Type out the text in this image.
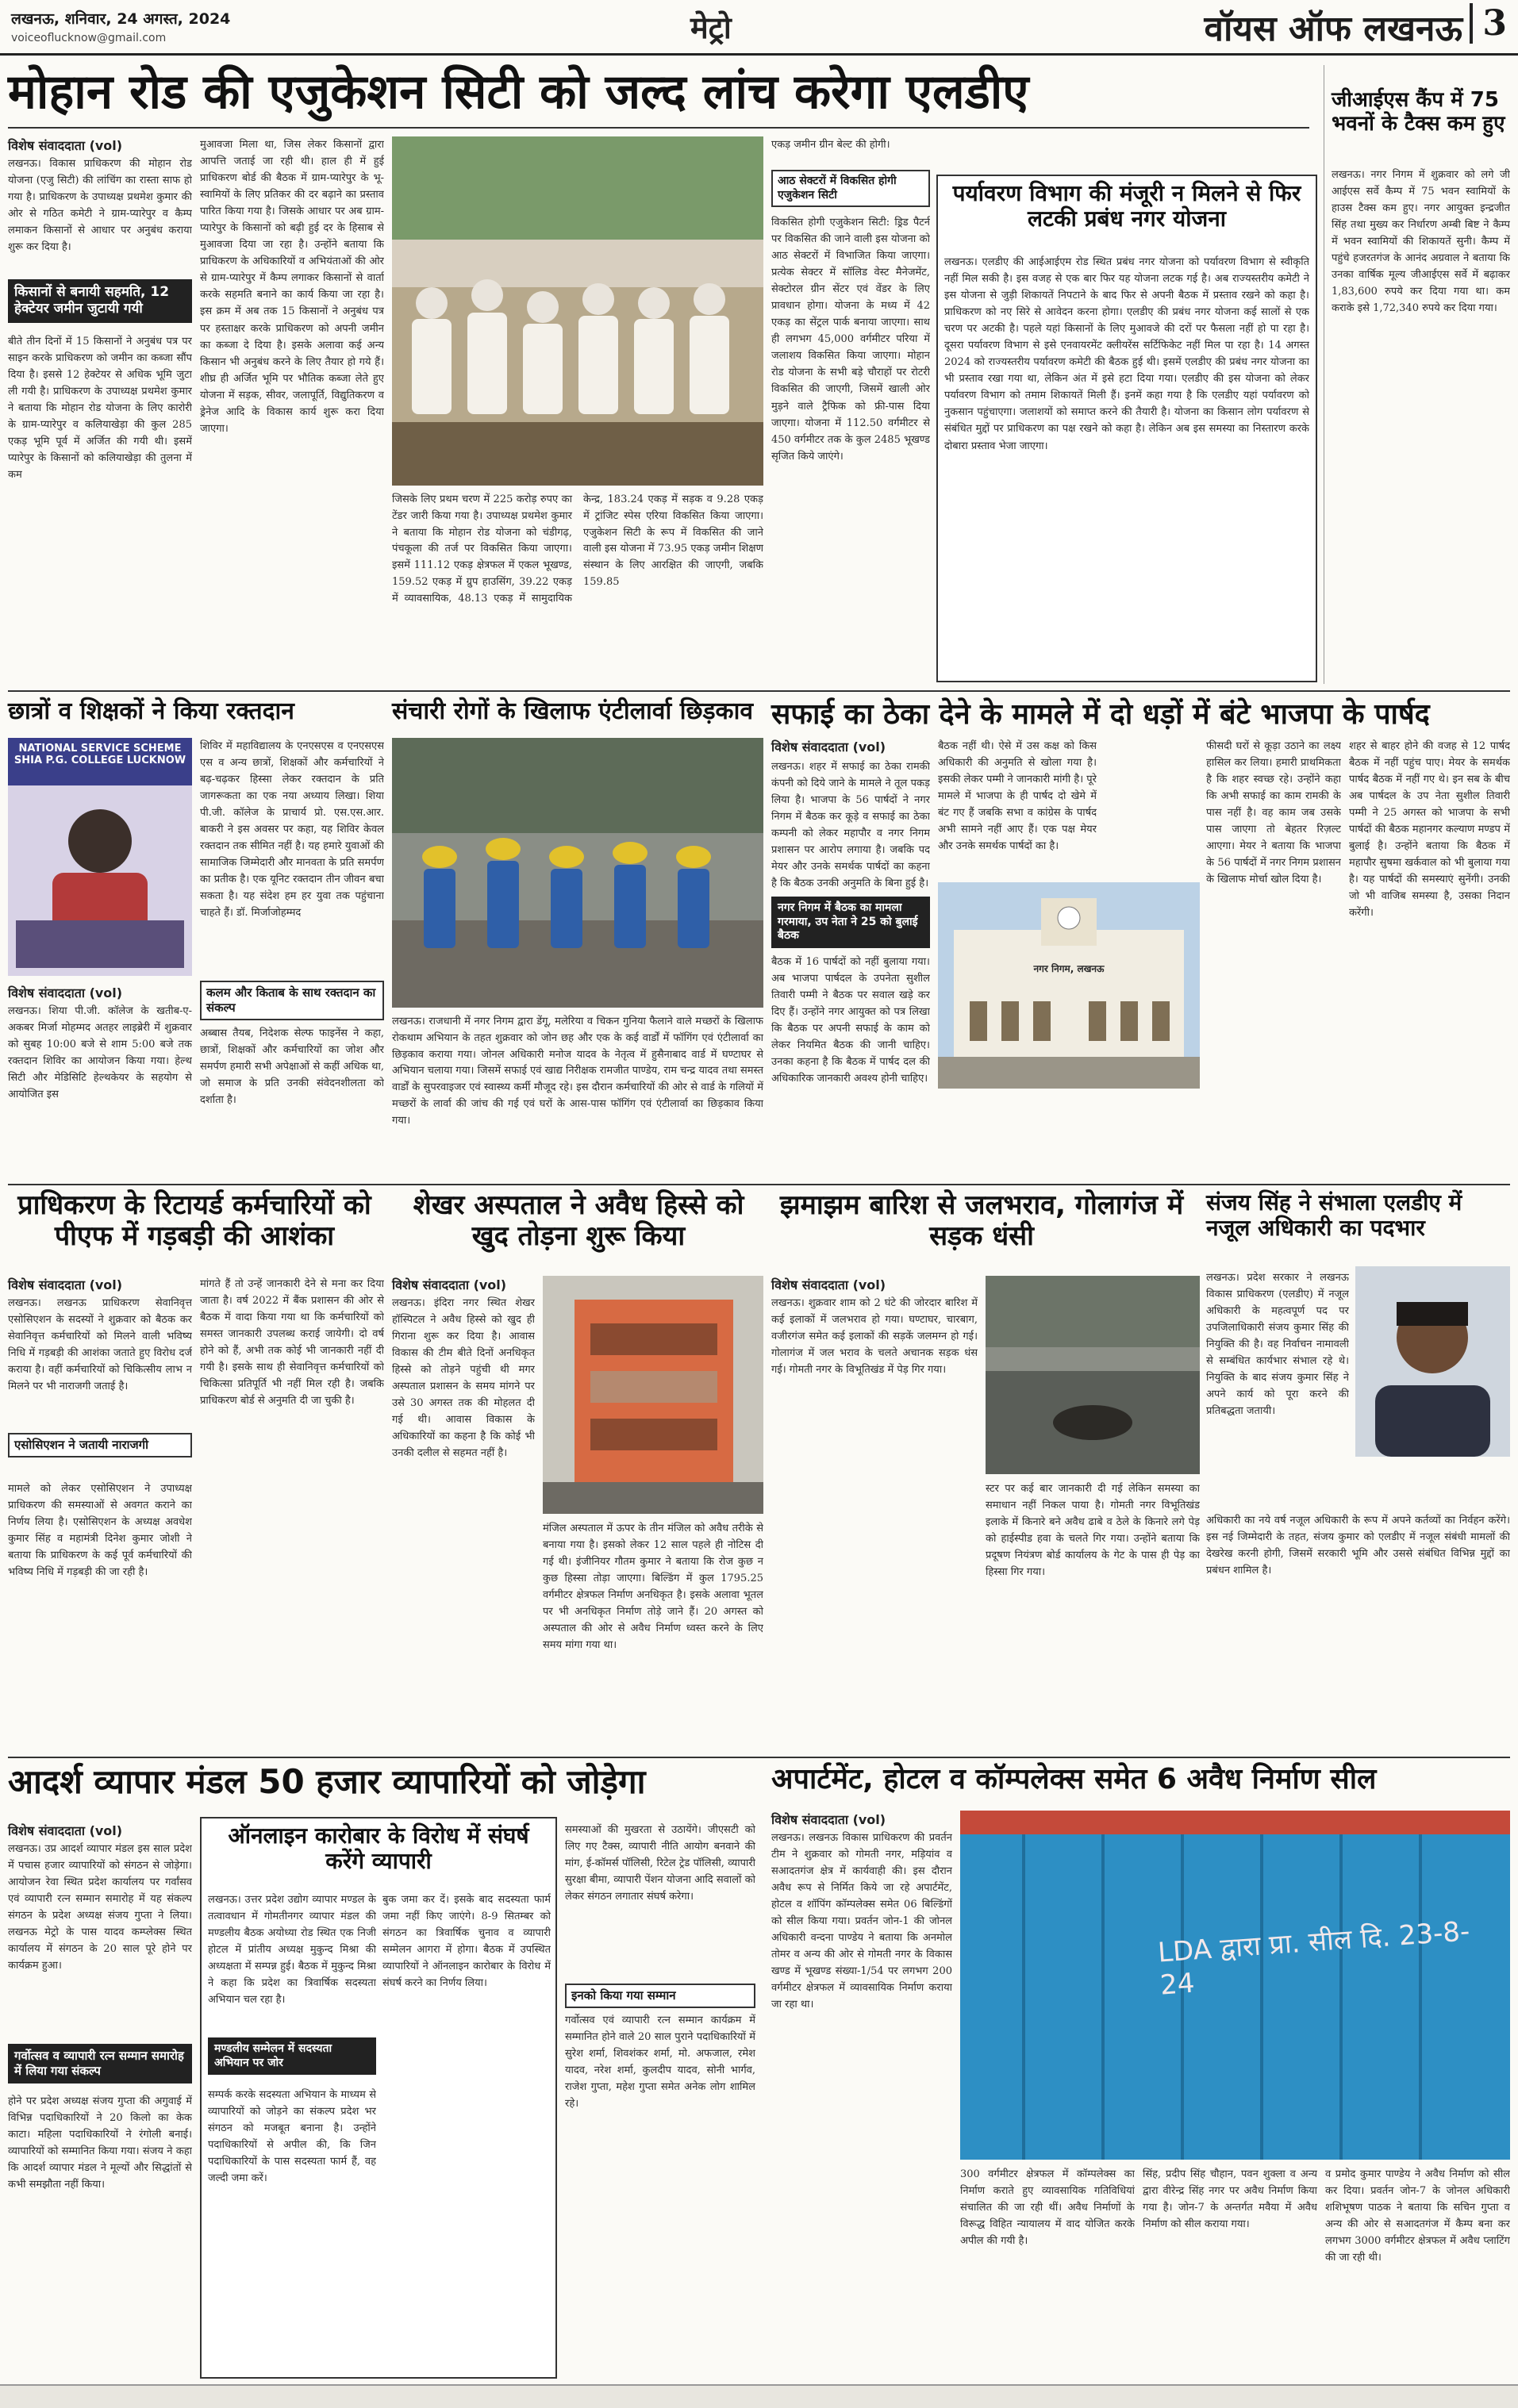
लखनऊ, शनिवार, 24 अगस्त, 2024
voiceoflucknow@gmail.com	मेट्रो	वॉयस ऑफ लखनऊ 3
मोहान रोड की एजुकेशन सिटी को जल्द लांच करेगा एलडीए
विशेष संवाददाता (vol)
लखनऊ। विकास प्राधिकरण की मोहान रोड योजना (एजु सिटी) की लांचिंग का रास्ता साफ हो गया है। प्राधिकरण के उपाध्यक्ष प्रथमेश कुमार की ओर से गठित कमेटी ने ग्राम-प्यारेपुर व कैम्प लमाकन किसानों से आधार पर अनुबंध कराया शुरू कर दिया है।
किसानों से बनायी सहमति, 12 हेक्टेयर जमीन जुटायी गयी
बीते तीन दिनों में 15 किसानों ने अनुबंध पत्र पर साइन करके प्राधिकरण को जमीन का कब्जा सौंप दिया है। इससे 12 हेक्टेयर से अधिक भूमि जुटा ली गयी है। प्राधिकरण के उपाध्यक्ष प्रथमेश कुमार ने बताया कि मोहान रोड योजना के लिए कारोरी के ग्राम-प्यारेपुर व कलियाखेड़ा की कुल 285 एकड़ भूमि पूर्व में अर्जित की गयी थी। इसमें प्यारेपुर के किसानों को कलियाखेड़ा की तुलना में कम
मुआवजा मिला था, जिस लेकर किसानों द्वारा आपत्ति जताई जा रही थी। हाल ही में हुई प्राधिकरण बोर्ड की बैठक में ग्राम-प्यारेपुर के भू-स्वामियों के लिए प्रतिकर की दर बढ़ाने का प्रस्ताव पारित किया गया है। जिसके आधार पर अब ग्राम-प्यारेपुर के किसानों को बढ़ी हुई दर के हिसाब से मुआवजा दिया जा रहा है। उन्होंने बताया कि प्राधिकरण के अधिकारियों व अभियंताओं की ओर से ग्राम-प्यारेपुर में कैम्प लगाकर किसानों से वार्ता करके सहमति बनाने का कार्य किया जा रहा है। इस क्रम में अब तक 15 किसानों ने अनुबंध पत्र पर हस्ताक्षर करके प्राधिकरण को अपनी जमीन का कब्जा दे दिया है। इसके अलावा कई अन्य किसान भी अनुबंध करने के लिए तैयार हो गये हैं। शीघ्र ही अर्जित भूमि पर भौतिक कब्जा लेते हुए योजना में सड़क, सीवर, जलापूर्ति, विद्युतिकरण व ड्रेनेज आदि के विकास कार्य शुरू करा दिया जाएगा।
जिसके लिए प्रथम चरण में 225 करोड़ रुपए का टेंडर जारी किया गया है। उपाध्यक्ष प्रथमेश कुमार ने बताया कि मोहान रोड योजना को चंडीगढ़, पंचकूला की तर्ज पर विकसित किया जाएगा। इसमें 111.12 एकड़ क्षेत्रफल में एकल भूखण्ड, 159.52 एकड़ में ग्रुप हाउसिंग, 39.22 एकड़ में व्यावसायिक, 48.13 एकड़ में सामुदायिक केन्द्र, 183.24 एकड़ में सड़क व 9.28 एकड़ में ट्रांजिट स्पेस एरिया विकसित किया जाएगा। एजुकेशन सिटी के रूप में विकसित की जाने वाली इस योजना में 73.95 एकड़ जमीन शिक्षण संस्थान के लिए आरक्षित की जाएगी, जबकि 159.85
एकड़ जमीन ग्रीन बेल्ट की होगी।
आठ सेक्टरों में विकसित होगी एजुकेशन सिटी
विकसित होगी एजुकेशन सिटी: ड्रिड पैटर्न पर विकसित की जाने वाली इस योजना को आठ सेक्टरों में विभाजित किया जाएगा। प्रत्येक सेक्टर में सॉलिड वेस्ट मैनेजमेंट, सेक्टोरल ग्रीन सेंटर एवं वेंडर के लिए प्रावधान होगा। योजना के मध्य में 42 एकड़ का सेंट्रल पार्क बनाया जाएगा। साथ ही लगभग 45,000 वर्गमीटर परिया में जलाशय विकसित किया जाएगा। मोहान रोड योजना के सभी बड़े चौराहों पर रोटरी विकसित की जाएगी, जिसमें खाली ओर मुड़ने वाले ट्रैफिक को फ्री-पास दिया जाएगा। योजना में 112.50 वर्गमीटर से 450 वर्गमीटर तक के कुल 2485 भूखण्ड सृजित किये जाएंगे।
पर्यावरण विभाग की मंजूरी न मिलने से फिर लटकी प्रबंध नगर योजना
लखनऊ। एलडीए की आईआईएम रोड स्थित प्रबंध नगर योजना को पर्यावरण विभाग से स्वीकृति नहीं मिल सकी है। इस वजह से एक बार फिर यह योजना लटक गई है। अब राज्यस्तरीय कमेटी ने इस योजना से जुड़ी शिकायतें निपटाने के बाद फिर से अपनी बैठक में प्रस्ताव रखने को कहा है। प्राधिकरण को नए सिरे से आवेदन करना होगा। एलडीए की प्रबंध नगर योजना कई सालों से एक चरण पर अटकी है। पहले यहां किसानों के लिए मुआवजे की दरों पर फैसला नहीं हो पा रहा है। दूसरा पर्यावरण विभाग से इसे एनवायरमेंट क्लीयरेंस सर्टिफिकेट नहीं मिल पा रहा है। 14 अगस्त 2024 को राज्यस्तरीय पर्यावरण कमेटी की बैठक हुई थी। इसमें एलडीए की प्रबंध नगर योजना का भी प्रस्ताव रखा गया था, लेकिन अंत में इसे हटा दिया गया। एलडीए की इस योजना को लेकर पर्यावरण विभाग को तमाम शिकायतें मिली हैं। इनमें कहा गया है कि एलडीए यहां पर्यावरण को नुकसान पहुंचाएगा। जलाशयों को समाप्त करने की तैयारी है। योजना का किसान लोग पर्यावरण से संबंधित मुद्दों पर प्राधिकरण का पक्ष रखने को कहा है। लेकिन अब इस समस्या का निस्तारण करके दोबारा प्रस्ताव भेजा जाएगा।
जीआईएस कैंप में 75 भवनों के टैक्स कम हुए
लखनऊ। नगर निगम में शुक्रवार को लगे जी आईएस सर्वे कैम्प में 75 भवन स्वामियों के हाउस टैक्स कम हुए। नगर आयुक्त इन्द्रजीत सिंह तथा मुख्य कर निर्धारण अम्बी बिष्ट ने कैम्प में भवन स्वामियों की शिकायतें सुनी। कैम्प में पहुंचे हजरतगंज के आनंद अग्रवाल ने बताया कि उनका वार्षिक मूल्य जीआईएस सर्वे में बढ़ाकर 1,83,600 रुपये कर दिया गया था। कम कराके इसे 1,72,340 रुपये कर दिया गया।
छात्रों व शिक्षकों ने किया रक्तदान
NATIONAL SERVICE SCHEME SHIA P.G. COLLEGE LUCKNOW
विशेष संवाददाता (vol)
लखनऊ। शिया पी.जी. कॉलेज के खतीब-ए-अकबर मिर्जा मोहम्मद अतहर लाइब्रेरी में शुक्रवार को सुबह 10:00 बजे से शाम 5:00 बजे तक रक्तदान शिविर का आयोजन किया गया। हेल्थ सिटी और मेडिसिटि हेल्थकेयर के सहयोग से आयोजित इस
शिविर में महाविद्यालय के एनएसएस व एनएसएस एस व अन्य छात्रों, शिक्षकों और कर्मचारियों ने बढ़-चढ़कर हिस्सा लेकर रक्तदान के प्रति जागरूकता का एक नया अध्याय लिखा। शिया पी.जी. कॉलेज के प्राचार्य प्रो. एस.एस.आर. बाकरी ने इस अवसर पर कहा, यह शिविर केवल रक्तदान तक सीमित नहीं है। यह हमारे युवाओं की सामाजिक जिम्मेदारी और मानवता के प्रति समर्पण का प्रतीक है। एक यूनिट रक्तदान तीन जीवन बचा सकता है। यह संदेश हम हर युवा तक पहुंचाना चाहते हैं। डॉ. मिर्जाजोहम्मद
कलम और किताब के साथ रक्तदान का संकल्प
अब्बास तैयब, निदेशक सेल्फ फाइनेंस ने कहा, छात्रों, शिक्षकों और कर्मचारियों का जोश और समर्पण हमारी सभी अपेक्षाओं से कहीं अधिक था, जो समाज के प्रति उनकी संवेदनशीलता को दर्शाता है।
संचारी रोगों के खिलाफ एंटीलार्वा छिड़काव
लखनऊ। राजधानी में नगर निगम द्वारा डेंगू, मलेरिया व चिकन गुनिया फैलाने वाले मच्छरों के खिलाफ रोकथाम अभियान के तहत शुक्रवार को जोन छह और एक के कई वार्डों में फॉगिंग एवं एंटीलार्वा का छिड़काव कराया गया। जोनल अधिकारी मनोज यादव के नेतृत्व में हुसैनाबाद वार्ड में घण्टाघर से अभियान चलाया गया। जिसमें सफाई एवं खाद्य निरीक्षक रामजीत पाण्डेय, राम चन्द्र यादव तथा समस्त वार्डों के सुपरवाइजर एवं स्वास्थ्य कर्मी मौजूद रहे। इस दौरान कर्मचारियों की ओर से वार्ड के गलियों में मच्छरों के लार्वा की जांच की गई एवं घरों के आस-पास फॉगिंग एवं एंटीलार्वा का छिड़काव किया गया।
सफाई का ठेका देने के मामले में दो धड़ों में बंटे भाजपा के पार्षद
विशेष संवाददाता (vol)
लखनऊ। शहर में सफाई का ठेका रामकी कंपनी को दिये जाने के मामले ने तूल पकड़ लिया है। भाजपा के 56 पार्षदों ने नगर निगम में बैठक कर कूड़े व सफाई का ठेका कम्पनी को लेकर महापौर व नगर निगम प्रशासन पर आरोप लगाया है। जबकि पद मेयर और उनके समर्थक पार्षदों का कहना है कि बैठक उनकी अनुमति के बिना हुई है।
नगर निगम में बैठक का मामला गरमाया, उप नेता ने 25 को बुलाई बैठक
बैठक में 16 पार्षदों को नहीं बुलाया गया। अब भाजपा पार्षदल के उपनेता सुशील तिवारी पम्मी ने बैठक पर सवाल खड़े कर दिए हैं। उन्होंने नगर आयुक्त को पत्र लिखा कि बैठक पर अपनी सफाई के काम को लेकर नियमित बैठक की जानी चाहिए। उनका कहना है कि बैठक में पार्षद दल की अधिकारिक जानकारी अवश्य होनी चाहिए।
बैठक नहीं थी। ऐसे में उस कक्ष को किस अधिकारी की अनुमति से खोला गया है। इसकी लेकर पम्मी ने जानकारी मांगी है। पूरे मामले में भाजपा के ही पार्षद दो खेमे में बंट गए हैं जबकि सभा व कांग्रेस के पार्षद अभी सामने नहीं आए हैं। एक पक्ष मेयर और उनके समर्थक पार्षदों का है।
नगर निगम, लखनऊ
फीसदी घरों से कूड़ा उठाने का लक्ष्य हासिल कर लिया। हमारी प्राथमिकता है कि शहर स्वच्छ रहे। उन्होंने कहा कि अभी सफाई का काम रामकी के पास नहीं है। वह काम जब उसके पास जाएगा तो बेहतर रिज़ल्ट आएगा। मेयर ने बताया कि भाजपा के 56 पार्षदों में नगर निगम प्रशासन के खिलाफ मोर्चा खोल दिया है।
शहर से बाहर होने की वजह से 12 पार्षद बैठक में नहीं पहुंच पाए। मेयर के समर्थक पार्षद बैठक में नहीं गए थे। इन सब के बीच अब पार्षदल के उप नेता सुशील तिवारी पम्मी ने 25 अगस्त को भाजपा के सभी पार्षदों की बैठक महानगर कल्याण मण्डप में बुलाई है। उन्होंने बताया कि बैठक में महापौर सुषमा खर्कवाल को भी बुलाया गया है। यह पार्षदों की समस्याएं सुनेंगी। उनकी जो भी वाजिब समस्या है, उसका निदान करेंगी।
प्राधिकरण के रिटायर्ड कर्मचारियों को पीएफ में गड़बड़ी की आशंका
विशेष संवाददाता (vol)
लखनऊ। लखनऊ प्राधिकरण सेवानिवृत्त एसोसिएशन के सदस्यों ने शुक्रवार को बैठक कर सेवानिवृत्त कर्मचारियों को मिलने वाली भविष्य निधि में गड़बड़ी की आशंका जताते हुए विरोध दर्ज कराया है। वहीं कर्मचारियों को चिकित्सीय लाभ न मिलने पर भी नाराजगी जताई है।
एसोसिएशन ने जतायी नाराजगी
मामले को लेकर एसोसिएशन ने उपाध्यक्ष प्राधिकरण की समस्याओं से अवगत कराने का निर्णय लिया है। एसोसिएशन के अध्यक्ष अवधेश कुमार सिंह व महामंत्री दिनेश कुमार जोशी ने बताया कि प्राधिकरण के कई पूर्व कर्मचारियों की भविष्य निधि में गड़बड़ी की जा रही है।
मांगते हैं तो उन्हें जानकारी देने से मना कर दिया जाता है। वर्ष 2022 में बैंक प्रशासन की ओर से बैठक में वादा किया गया था कि कर्मचारियों को समस्त जानकारी उपलब्ध कराई जायेगी। दो वर्ष होने को हैं, अभी तक कोई भी जानकारी नहीं दी गयी है। इसके साथ ही सेवानिवृत्त कर्मचारियों को चिकित्सा प्रतिपूर्ति भी नहीं मिल रही है। जबकि प्राधिकरण बोर्ड से अनुमति दी जा चुकी है।
शेखर अस्पताल ने अवैध हिस्से को खुद तोड़ना शुरू किया
विशेष संवाददाता (vol)
लखनऊ। इंदिरा नगर स्थित शेखर हॉस्पिटल ने अवैध हिस्से को खुद ही गिराना शुरू कर दिया है। आवास विकास की टीम बीते दिनों अनधिकृत हिस्से को तोड़ने पहुंची थी मगर अस्पताल प्रशासन के समय मांगने पर उसे 30 अगस्त तक की मोहलत दी गई थी। आवास विकास के अधिकारियों का कहना है कि कोई भी उनकी दलील से सहमत नहीं है।
मंजिल अस्पताल में ऊपर के तीन मंजिल को अवैध तरीके से बनाया गया है। इसको लेकर 12 साल पहले ही नोटिस दी गई थी। इंजीनियर गौतम कुमार ने बताया कि रोज कुछ न कुछ हिस्सा तोड़ा जाएगा। बिल्डिंग में कुल 1795.25 वर्गमीटर क्षेत्रफल निर्माण अनधिकृत है। इसके अलावा भूतल पर भी अनधिकृत निर्माण तोड़े जाने हैं। 20 अगस्त को अस्पताल की ओर से अवैध निर्माण ध्वस्त करने के लिए समय मांगा गया था।
झमाझम बारिश से जलभराव, गोलागंज में सड़क धंसी
विशेष संवाददाता (vol)
लखनऊ। शुक्रवार शाम को 2 घंटे की जोरदार बारिश में कई इलाकों में जलभराव हो गया। घण्टाघर, चारबाग, वजीरगंज समेत कई इलाकों की सड़कें जलमग्न हो गई। गोलागंज में जल भराव के चलते अचानक सड़क धंस गई। गोमती नगर के विभूतिखंड में पेड़ गिर गया।
स्टर पर कई बार जानकारी दी गई लेकिन समस्या का समाधान नहीं निकल पाया है। गोमती नगर विभूतिखंड इलाके में किनारे बने अवैध ढाबे व ठेले के किनारे लगे पेड़ को हाईस्पीड हवा के चलते गिर गया। उन्होंने बताया कि प्रदूषण नियंत्रण बोर्ड कार्यालय के गेट के पास ही पेड़ का हिस्सा गिर गया।
संजय सिंह ने संभाला एलडीए में नजूल अधिकारी का पदभार
लखनऊ। प्रदेश सरकार ने लखनऊ विकास प्राधिकरण (एलडीए) में नजूल अधिकारी के महत्वपूर्ण पद पर उपजिलाधिकारी संजय कुमार सिंह की नियुक्ति की है। वह निर्वाचन नामावली से सम्बंधित कार्यभार संभाल रहे थे। नियुक्ति के बाद संजय कुमार सिंह ने अपने कार्य को पूरा करने की प्रतिबद्धता जतायी।
अधिकारी का नये वर्ष नजूल अधिकारी के रूप में अपने कर्तव्यों का निर्वहन करेंगे। इस नई जिम्मेदारी के तहत, संजय कुमार को एलडीए में नजूल संबंधी मामलों की देखरेख करनी होगी, जिसमें सरकारी भूमि और उससे संबंधित विभिन्न मुद्दों का प्रबंधन शामिल है।
आदर्श व्यापार मंडल 50 हजार व्यापारियों को जोड़ेगा
विशेष संवाददाता (vol)
लखनऊ। उप्र आदर्श व्यापार मंडल इस साल प्रदेश में पचास हजार व्यापारियों को संगठन से जोड़ेगा। आयोजन रेवा स्थित प्रदेश कार्यालय पर गर्वांसव एवं व्यापारी रत्न सम्मान समारोह में यह संकल्प संगठन के प्रदेश अध्यक्ष संजय गुप्ता ने लिया। लखनऊ मेट्रो के पास यादव कम्प्लेक्स स्थित कार्यालय में संगठन के 20 साल पूरे होने पर कार्यक्रम हुआ।
गर्वोत्सव व व्यापारी रत्न सम्मान समारोह में लिया गया संकल्प
होने पर प्रदेश अध्यक्ष संजय गुप्ता की अगुवाई में विभिन्न पदाधिकारियों ने 20 किलो का केक काटा। महिला पदाधिकारियों ने रंगोली बनाई। व्यापारियों को सम्मानित किया गया। संजय ने कहा कि आदर्श व्यापार मंडल ने मूल्यों और सिद्धांतों से कभी समझौता नहीं किया।
ऑनलाइन कारोबार के विरोध में संघर्ष करेंगे व्यापारी
लखनऊ। उत्तर प्रदेश उद्योग व्यापार मण्डल के तत्वावधान में गोमतीनगर व्यापार मंडल की मण्डलीय बैठक अयोध्या रोड स्थित एक निजी होटल में प्रांतीय अध्यक्ष मुकुन्द मिश्रा की अध्यक्षता में सम्पन्न हुई। बैठक में मुकुन्द मिश्रा ने कहा कि प्रदेश का त्रिवार्षिक सदस्यता अभियान चल रहा है।
मण्डलीय सम्मेलन में सदस्यता अभियान पर जोर
सम्पर्क करके सदस्यता अभियान के माध्यम से व्यापारियों को जोड़ने का संकल्प प्रदेश भर संगठन को मजबूत बनाना है। उन्होंने पदाधिकारियों से अपील की, कि जिन पदाधिकारियों के पास सदस्यता फार्म हैं, वह जल्दी जमा करें।
बुक जमा कर दें। इसके बाद सदस्यता फार्म जमा नहीं किए जाएंगे। 8-9 सितम्बर को संगठन का त्रिवार्षिक चुनाव व व्यापारी सम्मेलन आगरा में होगा। बैठक में उपस्थित व्यापारियों ने ऑनलाइन कारोबार के विरोध में संघर्ष करने का निर्णय लिया।
समस्याओं की मुखरता से उठायेंगे। जीएसटी को लिए गए टैक्स, व्यापारी नीति आयोग बनवाने की मांग, ई-कॉमर्स पॉलिसी, रिटेल ट्रेड पॉलिसी, व्यापारी सुरक्षा बीमा, व्यापारी पेंशन योजना आदि सवालों को लेकर संगठन लगातार संघर्ष करेगा।
इनको किया गया सम्मान
गर्वोत्सव एवं व्यापारी रत्न सम्मान कार्यक्रम में सम्मानित होने वाले 20 साल पुराने पदाधिकारियों में सुरेश शर्मा, शिवशंकर शर्मा, मो. अफजाल, रमेश यादव, नरेश शर्मा, कुलदीप यादव, सोनी भार्गव, राजेश गुप्ता, महेश गुप्ता समेत अनेक लोग शामिल रहे।
अपार्टमेंट, होटल व कॉम्पलेक्स समेत 6 अवैध निर्माण सील
विशेष संवाददाता (vol)
लखनऊ। लखनऊ विकास प्राधिकरण की प्रवर्तन टीम ने शुक्रवार को गोमती नगर, मड़ियांव व सआदतगंज क्षेत्र में कार्यवाही की। इस दौरान अवैध रूप से निर्मित किये जा रहे अपार्टमेंट, होटल व शॉपिंग कॉम्पलेक्स समेत 06 बिल्डिंगों को सील किया गया। प्रवर्तन जोन-1 की जोनल अधिकारी वन्दना पाण्डेय ने बताया कि अनमोल तोमर व अन्य की ओर से गोमती नगर के विकास खण्ड में भूखण्ड संख्या-1/54 पर लगभग 200 वर्गमीटर क्षेत्रफल में व्यावसायिक निर्माण कराया जा रहा था।
LDA द्वारा प्रा. सील दि. 23-8-24
300 वर्गमीटर क्षेत्रफल में कॉम्पलेक्स का निर्माण कराते हुए व्यावसायिक गतिविधियां संचालित की जा रही थीं। अवैध निर्माणों के विरूद्ध विहित न्यायालय में वाद योजित करके अपील की गयी है।
सिंह, प्रदीप सिंह चौहान, पवन शुक्ला व अन्य द्वारा वीरेन्द्र सिंह नगर पर अवैध निर्माण किया गया है। जोन-7 के अन्तर्गत मवैया में अवैध निर्माण को सील कराया गया।
व प्रमोद कुमार पाण्डेय ने अवैध निर्माण को सील कर दिया। प्रवर्तन जोन-7 के जोनल अधिकारी शशिभूषण पाठक ने बताया कि सचिन गुप्ता व अन्य की ओर से सआदतगंज में कैम्प बना कर लगभग 3000 वर्गमीटर क्षेत्रफल में अवैध प्लाटिंग की जा रही थी।
